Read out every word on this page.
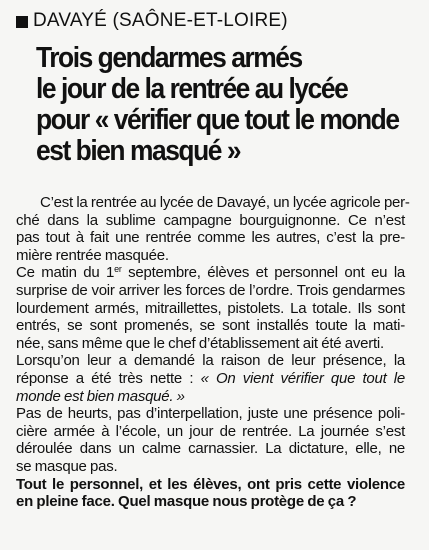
DAVAYÉ (SAÔNE-ET-LOIRE)
Trois gendarmes armés
le jour de la rentrée au lycée
pour « vérifier que tout le monde
est bien masqué »
C’est la rentrée au lycée de Davayé, un lycée agricole per-
ché dans la sublime campagne bourguignonne. Ce n’est
pas tout à fait une rentrée comme les autres, c’est la pre-
mière rentrée masquée.
Ce matin du 1er septembre, élèves et personnel ont eu la
surprise de voir arriver les forces de l’ordre. Trois gendarmes
lourdement armés, mitraillettes, pistolets. La totale. Ils sont
entrés, se sont promenés, se sont installés toute la mati-
née, sans même que le chef d’établissement ait été averti.
Lorsqu’on leur a demandé la raison de leur présence, la
réponse a été très nette : « On vient vérifier que tout le
monde est bien masqué. »
Pas de heurts, pas d’interpellation, juste une présence poli-
cière armée à l’école, un jour de rentrée. La journée s’est
déroulée dans un calme carnassier. La dictature, elle, ne
se masque pas.
Tout le personnel, et les élèves, ont pris cette violence
en pleine face. Quel masque nous protège de ça ?
